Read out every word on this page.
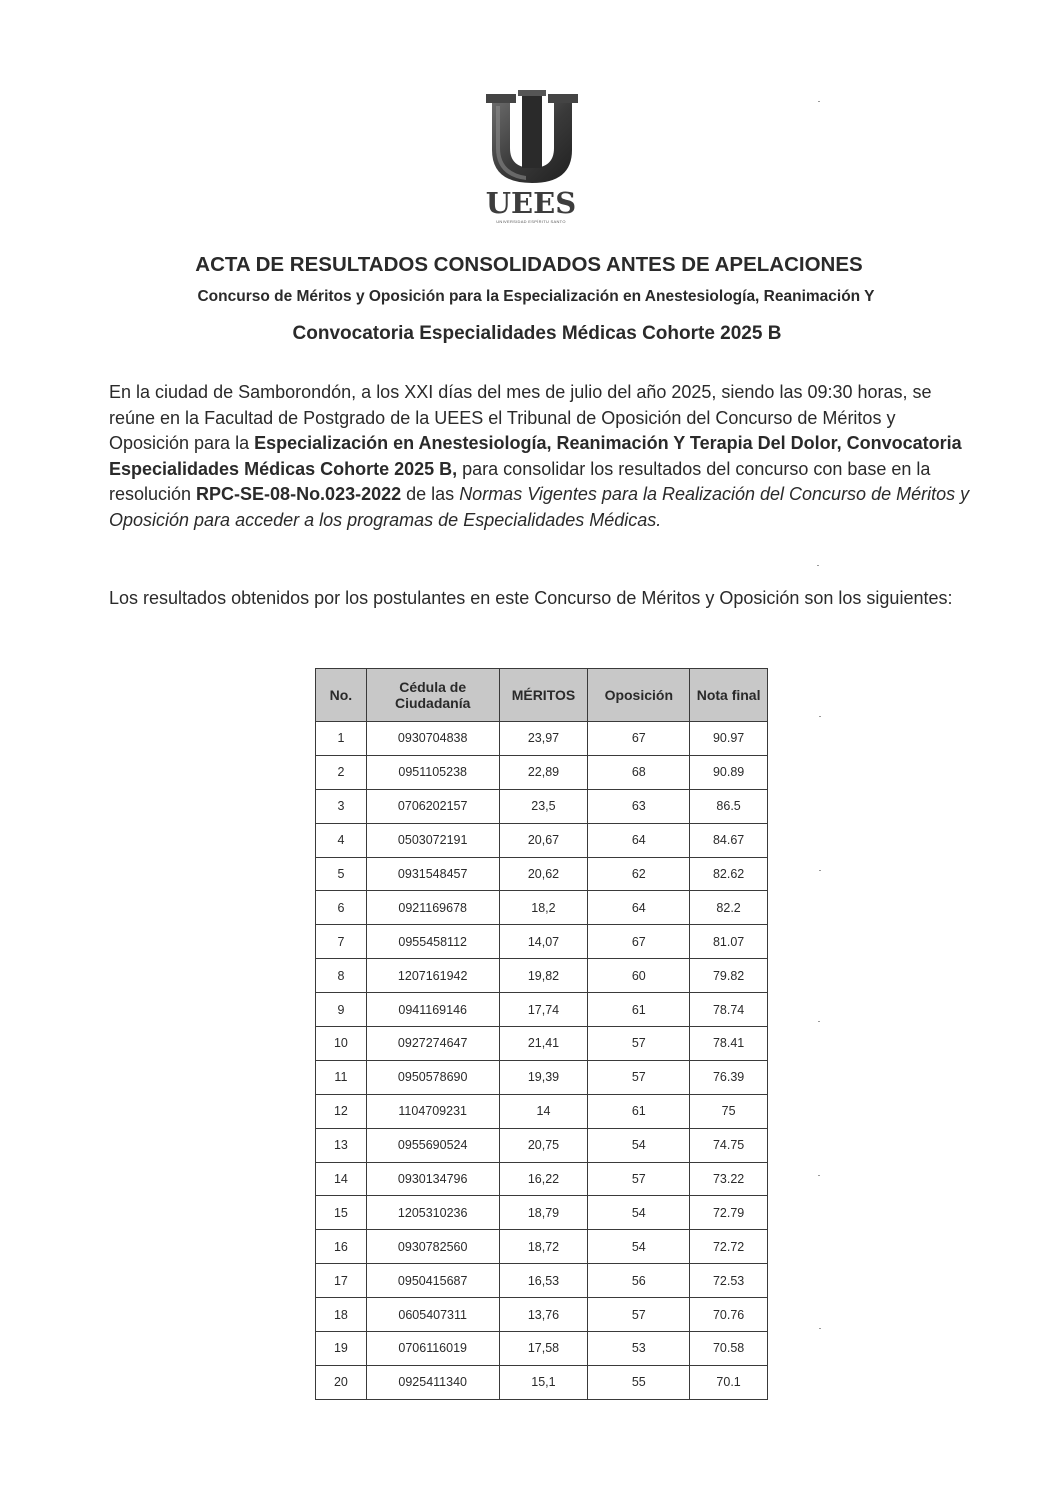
UEES
UNIVERSIDAD ESPÍRITU SANTO
ACTA DE RESULTADOS CONSOLIDADOS ANTES DE APELACIONES
Concurso de Méritos y Oposición para la Especialización en Anestesiología, Reanimación Y
Convocatoria Especialidades Médicas Cohorte 2025 B
En la ciudad de Samborondón, a los XXI días del mes de julio del año 2025, siendo las 09:30 horas, se reúne en la Facultad de Postgrado de la UEES el Tribunal de Oposición del Concurso de Méritos y Oposición para la Especialización en Anestesiología, Reanimación Y Terapia Del Dolor, Convocatoria Especialidades Médicas Cohorte 2025 B, para consolidar los resultados del concurso con base en la resolución RPC-SE-08-No.023-2022 de las Normas Vigentes para la Realización del Concurso de Méritos y Oposición para acceder a los programas de Especialidades Médicas.
Los resultados obtenidos por los postulantes en este Concurso de Méritos y Oposición son los siguientes:
No.	Cédula de Ciudadanía	MÉRITOS	Oposición	Nota final
1	0930704838	23,97	67	90.97
2	0951105238	22,89	68	90.89
3	0706202157	23,5	63	86.5
4	0503072191	20,67	64	84.67
5	0931548457	20,62	62	82.62
6	0921169678	18,2	64	82.2
7	0955458112	14,07	67	81.07
8	1207161942	19,82	60	79.82
9	0941169146	17,74	61	78.74
10	0927274647	21,41	57	78.41
11	0950578690	19,39	57	76.39
12	1104709231	14	61	75
13	0955690524	20,75	54	74.75
14	0930134796	16,22	57	73.22
15	1205310236	18,79	54	72.79
16	0930782560	18,72	54	72.72
17	0950415687	16,53	56	72.53
18	0605407311	13,76	57	70.76
19	0706116019	17,58	53	70.58
20	0925411340	15,1	55	70.1
